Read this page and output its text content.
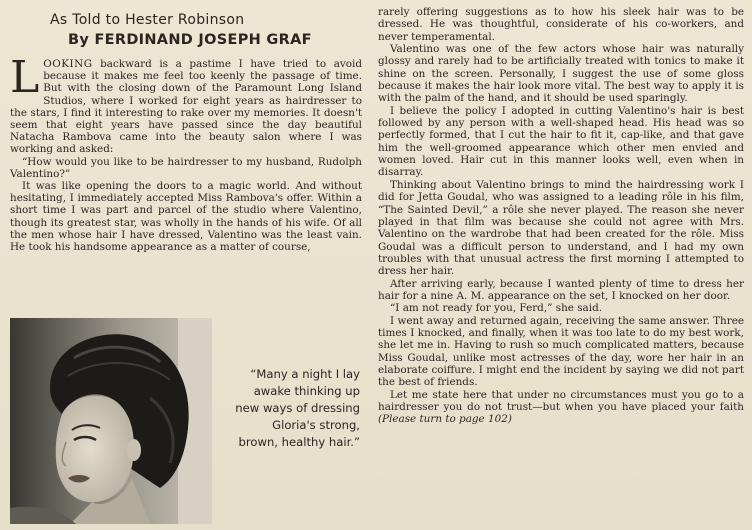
As Told to Hester Robinson

By FERDINAND JOSEPH GRAF

LOOKING backward is a pastime I have tried to avoid because it makes me feel too keenly the passage of time. But with the closing down of the Paramount Long Island Studios, where I worked for eight years as hairdresser to the stars, I find it interesting to rake over my memories. It doesn't seem that eight years have passed since the day beautiful Natacha Rambova came into the beauty salon where I was working and asked:

“How would you like to be hairdresser to my husband, Rudolph Valentino?”

It was like opening the doors to a magic world. And without hesitating, I immediately accepted Miss Rambova's offer. Within a short time I was part and parcel of the studio where Valentino, though its greatest star, was wholly in the hands of his wife. Of all the men whose hair I have dressed, Valentino was the least vain. He took his handsome appearance as a matter of course,

“Many a night I lay awake thinking up new ways of dressing Gloria's strong, brown, healthy hair.”

rarely offering suggestions as to how his sleek hair was to be dressed. He was thoughtful, considerate of his co-workers, and never temperamental.

Valentino was one of the few actors whose hair was naturally glossy and rarely had to be artificially treated with tonics to make it shine on the screen. Personally, I suggest the use of some gloss because it makes the hair look more vital. The best way to apply it is with the palm of the hand, and it should be used sparingly.

I believe the policy I adopted in cutting Valentino's hair is best followed by any person with a well-shaped head. His head was so perfectly formed, that I cut the hair to fit it, cap-like, and that gave him the well-groomed appearance which other men envied and women loved. Hair cut in this manner looks well, even when in disarray.

Thinking about Valentino brings to mind the hairdressing work I did for Jetta Goudal, who was assigned to a leading rôle in his film, “The Sainted Devil,” a rôle she never played. The reason she never played in that film was because she could not agree with Mrs. Valentino on the wardrobe that had been created for the rôle. Miss Goudal was a difficult person to understand, and I had my own troubles with that unusual actress the first morning I attempted to dress her hair.

After arriving early, because I wanted plenty of time to dress her hair for a nine A. M. appearance on the set, I knocked on her door.

“I am not ready for you, Ferd,” she said.

I went away and returned again, receiving the same answer. Three times I knocked, and finally, when it was too late to do my best work, she let me in. Having to rush so much complicated matters, because Miss Goudal, unlike most actresses of the day, wore her hair in an elaborate coiffure. I might end the incident by saying we did not part the best of friends.

Let me state here that under no circumstances must you go to a hairdresser you do not trust—but when you have placed your faith (Please turn to page 102)
